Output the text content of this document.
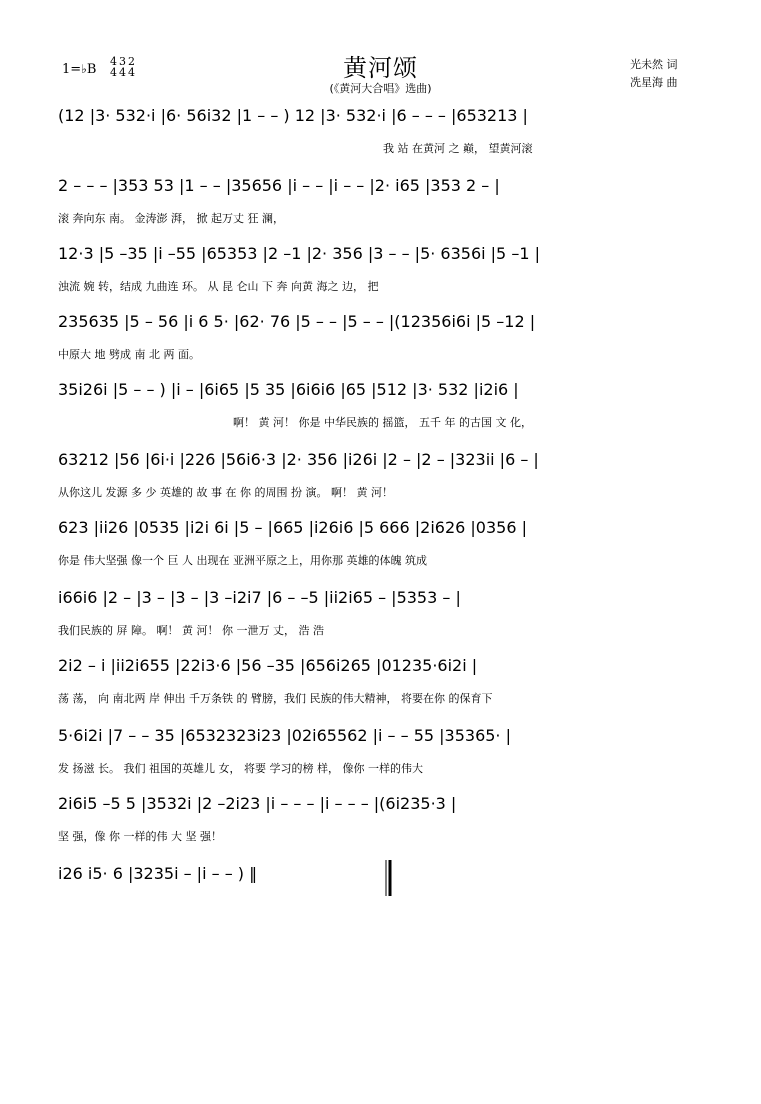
1=♭B
4
4
3
4
2
4	黄河颂
(《黄河大合唱》选曲)
光未然 词
冼星海 曲
(12 |3· 532·i |6· 56i32 |1 – – ) 12 |3· 532·i |6 – – – |653213 |
我 站 在黄河 之 巅， 望黄河滚
2 – – – |353 53 |1 – – |35656 |i – – |i – – |2· i65 |353 2 – |
滚 奔向东 南。 金涛澎 湃， 掀 起万丈 狂 澜，
12·3 |5 –35 |i –55 |65353 |2 –1 |2· 356 |3 – – |5· 6356i |5 –1 |
浊流 婉 转，结成 九曲连 环。 从 昆 仑山 下 奔 向黄 海之 边， 把
235635 |5 – 56 |i 6 5· |62· 76 |5 – – |5 – – |(12356i6i |5 –12 |
中原大 地 劈成 南 北 两 面。
35i26i |5 – – ) |i – |6i65 |5 35 |6i6i6 |65 |512 |3· 532 |i2i6 |
啊！ 黄 河！ 你是 中华民族的 摇篮， 五千 年 的古国 文 化，
63212 |56 |6i·i |226 |56i6·3 |2· 356 |i26i |2 – |2 – |323ii |6 – |
从你这儿 发源 多 少 英雄的 故 事 在 你 的周围 扮 演。 啊！ 黄 河！
623 |ii26 |0535 |i2i 6i |5 – |665 |i26i6 |5 666 |2i626 |0356 |
你是 伟大坚强 像一个 巨 人 出现在 亚洲平原之上，用你那 英雄的体魄 筑成
i66i6 |2 – |3 – |3 – |3 –i2i7 |6 – –5 |ii2i65 – |5353 – |
我们民族的 屏 障。 啊！ 黄 河！ 你 一泄万 丈， 浩 浩
2i2 – i |ii2i655 |22i3·6 |56 –35 |656i265 |01235·6i2i |
荡 荡， 向 南北两 岸 伸出 千万条铁 的 臂膀，我们 民族的伟大精神， 将要在你 的保育下
5·6i2i |7 – – 35 |6532323i23 |02i65562 |i – – 55 |35365· |
发 扬滋 长。 我们 祖国的英雄儿 女， 将要 学习的榜 样， 像你 一样的伟大
2i6i5 –5 5 |3532i |2 –2i23 |i – – – |i – – – |(6i235·3 |
坚 强，像 你 一样的伟 大 坚 强！
i26 i5· 6 |3235i – |i – – ) ‖
